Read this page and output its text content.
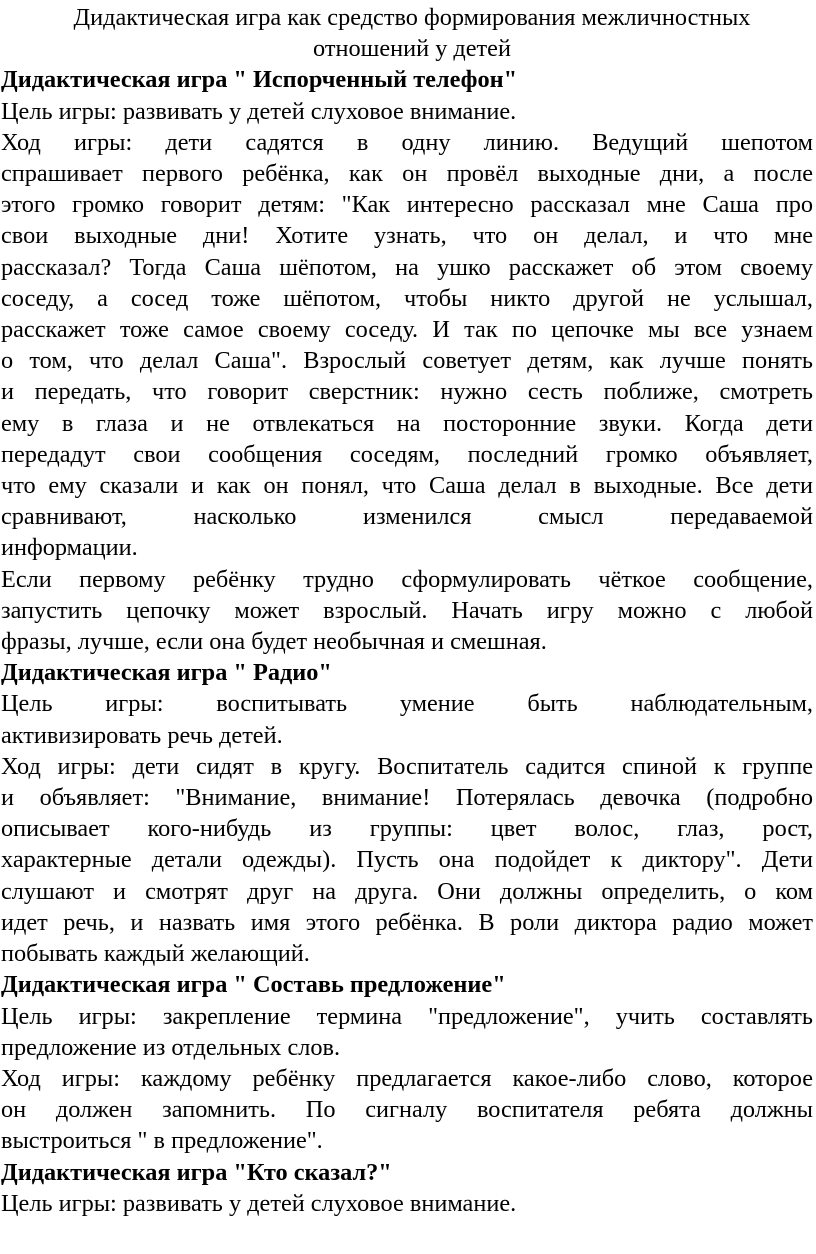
Дидактическая игра как средство формирования межличностных
отношений у детей
Дидактическая игра " Испорченный телефон"
Цель игры: развивать у детей слуховое внимание.
Ход игры: дети садятся в одну линию. Ведущий шепотом
спрашивает первого ребёнка, как он провёл выходные дни, а после
этого громко говорит детям: "Как интересно рассказал мне Саша про
свои выходные дни! Хотите узнать, что он делал, и что мне
рассказал? Тогда Саша шёпотом, на ушко расскажет об этом своему
соседу, а сосед тоже шёпотом, чтобы никто другой не услышал,
расскажет тоже самое своему соседу. И так по цепочке мы все узнаем
о том, что делал Саша". Взрослый советует детям, как лучше понять
и передать, что говорит сверстник: нужно сесть поближе, смотреть
ему в глаза и не отвлекаться на посторонние звуки. Когда дети
передадут свои сообщения соседям, последний громко объявляет,
что ему сказали и как он понял, что Саша делал в выходные. Все дети
сравнивают, насколько изменился смысл передаваемой
информации.
Если первому ребёнку трудно сформулировать чёткое сообщение,
запустить цепочку может взрослый. Начать игру можно с любой
фразы, лучше, если она будет необычная и смешная.
Дидактическая игра " Радио"
Цель игры: воспитывать умение быть наблюдательным,
активизировать речь детей.
Ход игры: дети сидят в кругу. Воспитатель садится спиной к группе
и объявляет: "Внимание, внимание! Потерялась девочка (подробно
описывает кого-нибудь из группы: цвет волос, глаз, рост,
характерные детали одежды). Пусть она подойдет к диктору". Дети
слушают и смотрят друг на друга. Они должны определить, о ком
идет речь, и назвать имя этого ребёнка. В роли диктора радио может
побывать каждый желающий.
Дидактическая игра " Составь предложение"
Цель игры: закрепление термина "предложение", учить составлять
предложение из отдельных слов.
Ход игры: каждому ребёнку предлагается какое-либо слово, которое
он должен запомнить. По сигналу воспитателя ребята должны
выстроиться " в предложение".
Дидактическая игра "Кто сказал?"
Цель игры: развивать у детей слуховое внимание.
